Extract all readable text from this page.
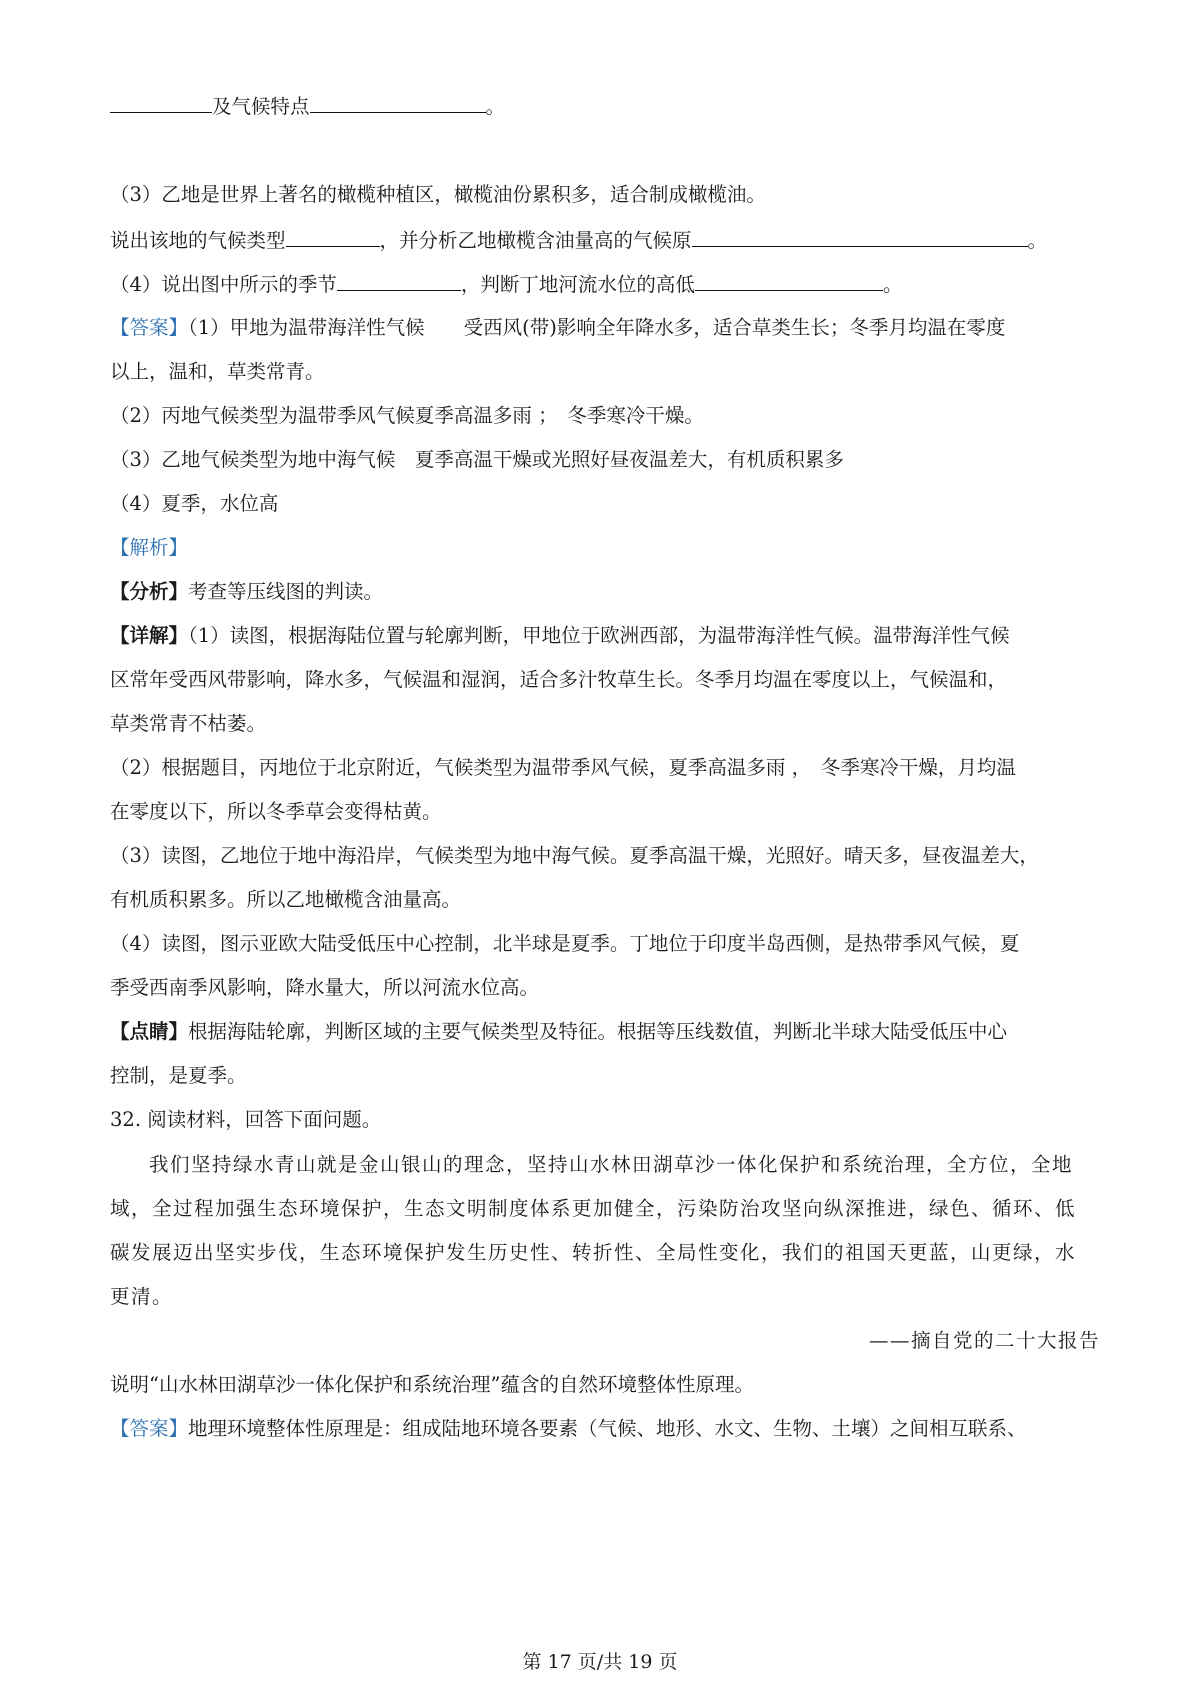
及气候特点	。
（3）乙地是世界上著名的橄榄种植区，橄榄油份累积多，适合制成橄榄油。
说出该地的气候类型	，并分析乙地橄榄含油量高的气候原	。
（4）说出图中所示的季节	，判断丁地河流水位的高低	。
【答案】（1）甲地为温带海洋性气候　　受西风(带)影响全年降水多，适合草类生长；冬季月均温在零度
以上，温和，草类常青。
（2）丙地气候类型为温带季风气候夏季高温多雨 ；　冬季寒冷干燥。
（3）乙地气候类型为地中海气候　夏季高温干燥或光照好昼夜温差大，有机质积累多
（4）夏季，水位高
【解析】
【分析】考查等压线图的判读。
【详解】（1）读图，根据海陆位置与轮廓判断，甲地位于欧洲西部，为温带海洋性气候。温带海洋性气候
区常年受西风带影响，降水多，气候温和湿润，适合多汁牧草生长。冬季月均温在零度以上，气候温和，
草类常青不枯萎。
（2）根据题目，丙地位于北京附近，气候类型为温带季风气候，夏季高温多雨 ，　冬季寒冷干燥，月均温
在零度以下，所以冬季草会变得枯黄。
（3）读图，乙地位于地中海沿岸，气候类型为地中海气候。夏季高温干燥，光照好。晴天多，昼夜温差大，
有机质积累多。所以乙地橄榄含油量高。
（4）读图，图示亚欧大陆受低压中心控制，北半球是夏季。丁地位于印度半岛西侧，是热带季风气候，夏
季受西南季风影响，降水量大，所以河流水位高。
【点睛】根据海陆轮廓，判断区域的主要气候类型及特征。根据等压线数值，判断北半球大陆受低压中心
控制，是夏季。
32. 阅读材料，回答下面问题。
我们坚持绿水青山就是金山银山的理念，坚持山水林田湖草沙一体化保护和系统治理，全方位，全地
域，全过程加强生态环境保护，生态文明制度体系更加健全，污染防治攻坚向纵深推进，绿色、循环、低
碳发展迈出坚实步伐，生态环境保护发生历史性、转折性、全局性变化，我们的祖国天更蓝，山更绿，水
更清。
——摘自党的二十大报告
说明“山水林田湖草沙一体化保护和系统治理”蕴含的自然环境整体性原理。
【答案】地理环境整体性原理是：组成陆地环境各要素（气候、地形、水文、生物、土壤）之间相互联系、
第 17 页/共 19 页
